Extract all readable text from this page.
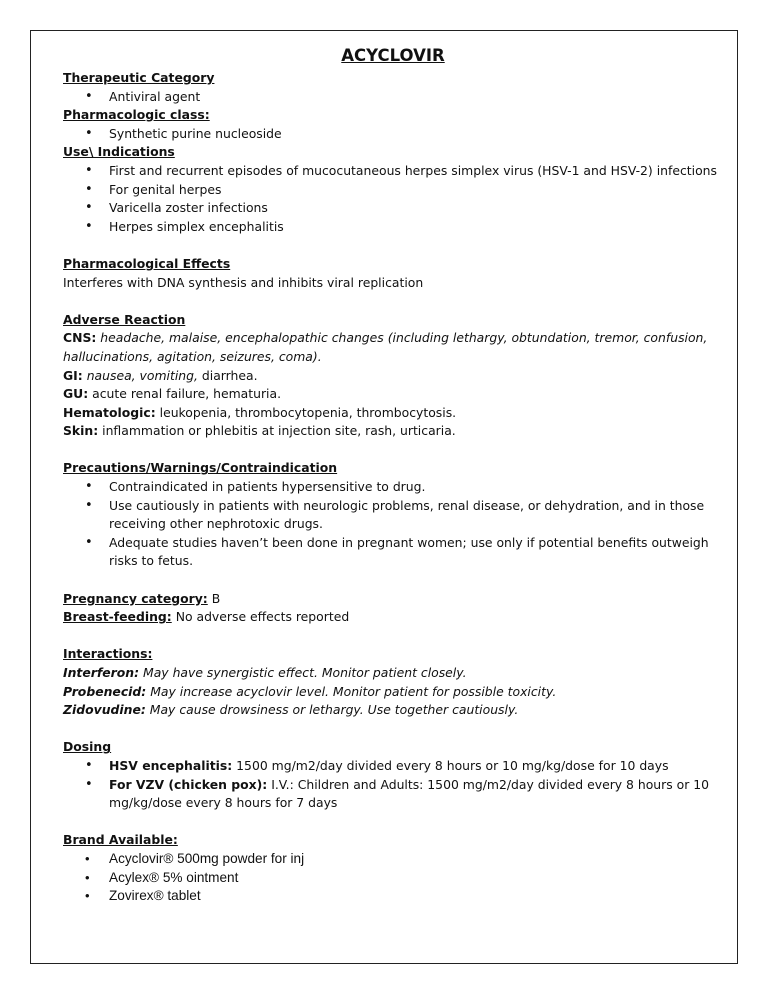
ACYCLOVIR
Therapeutic Category
• Antiviral agent
Pharmacologic class:
• Synthetic purine nucleoside
Use\ Indications
• First and recurrent episodes of mucocutaneous herpes simplex virus (HSV-1 and HSV-2) infections
• For genital herpes
• Varicella zoster infections
• Herpes simplex encephalitis
Pharmacological Effects
Interferes with DNA synthesis and inhibits viral replication
Adverse Reaction
CNS: headache, malaise, encephalopathic changes (including lethargy, obtundation, tremor, confusion, hallucinations, agitation, seizures, coma).
GI: nausea, vomiting, diarrhea.
GU: acute renal failure, hematuria.
Hematologic: leukopenia, thrombocytopenia, thrombocytosis.
Skin: inflammation or phlebitis at injection site, rash, urticaria.
Precautions/Warnings/Contraindication
• Contraindicated in patients hypersensitive to drug.
• Use cautiously in patients with neurologic problems, renal disease, or dehydration, and in those receiving other nephrotoxic drugs.
• Adequate studies haven’t been done in pregnant women; use only if potential benefits outweigh risks to fetus.
Pregnancy category: B
Breast-feeding: No adverse effects reported
Interactions:
Interferon: May have synergistic effect. Monitor patient closely.
Probenecid: May increase acyclovir level. Monitor patient for possible toxicity.
Zidovudine: May cause drowsiness or lethargy. Use together cautiously.
Dosing
• HSV encephalitis: 1500 mg/m2/day divided every 8 hours or 10 mg/kg/dose for 10 days
• For VZV (chicken pox): I.V.: Children and Adults: 1500 mg/m2/day divided every 8 hours or 10 mg/kg/dose every 8 hours for 7 days
Brand Available:
• Acyclovir® 500mg powder for inj
• Acylex® 5% ointment
• Zovirex® tablet
